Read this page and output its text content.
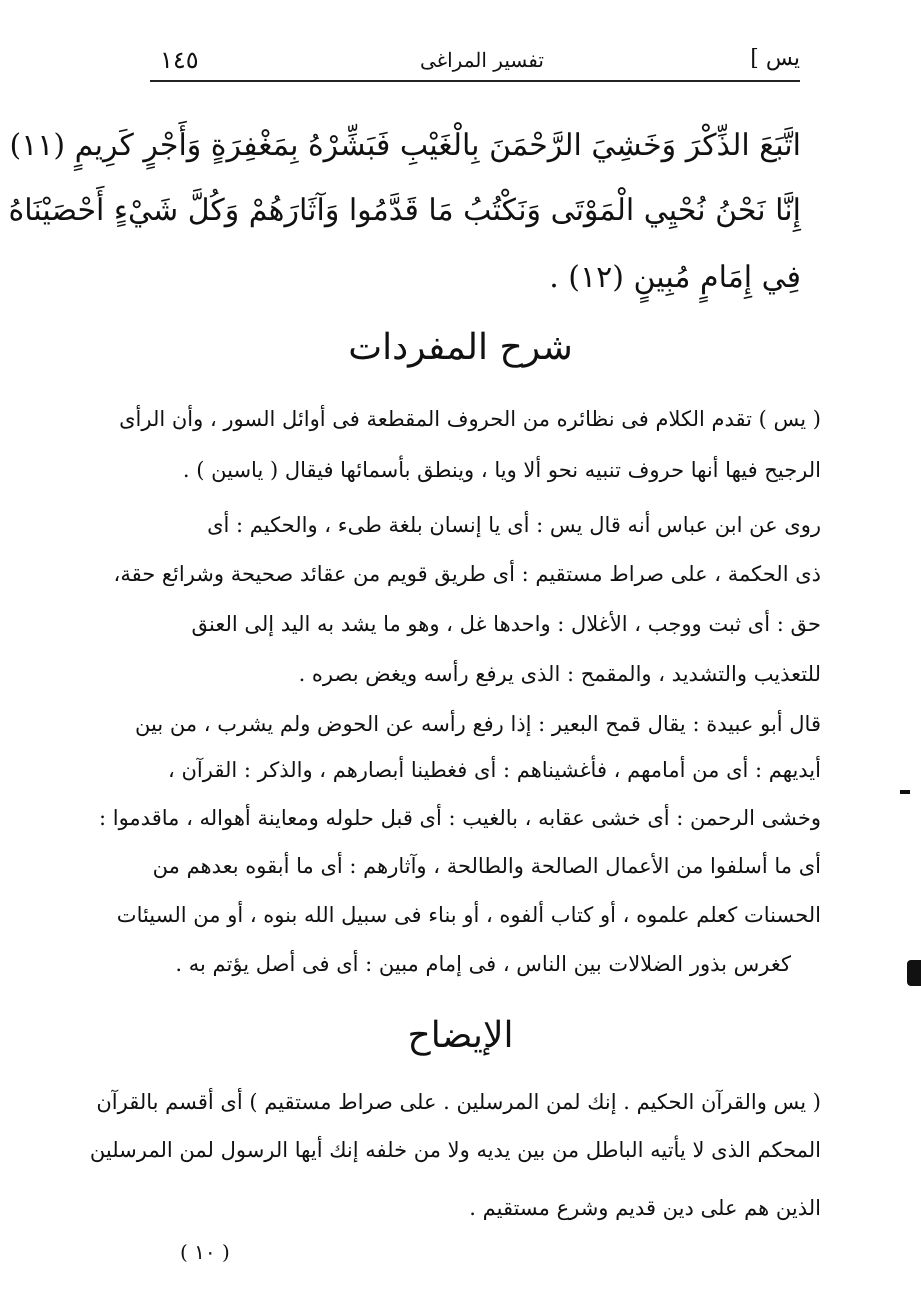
١٤٥	تفسير المراغى	يس ]
اتَّبَعَ الذِّكْرَ وَخَشِيَ الرَّحْمَنَ بِالْغَيْبِ فَبَشِّرْهُ بِمَغْفِرَةٍ وَأَجْرٍ كَرِيمٍ (١١)
إِنَّا نَحْنُ نُحْيِي الْمَوْتَى وَنَكْتُبُ مَا قَدَّمُوا وَآثَارَهُمْ وَكُلَّ شَيْءٍ أَحْصَيْنَاهُ
فِي إِمَامٍ مُبِينٍ (١٢) .
شرح المفردات
( يس ) تقدم الكلام فى نظائره من الحروف المقطعة فى أوائل السور ، وأن الرأى
الرجيح فيها أنها حروف تنبيه نحو ألا ويا ، وينطق بأسمائها فيقال ( ياسين ) .
روى عن ابن عباس أنه قال يس : أى يا إنسان بلغة طىء ، والحكيم : أى
ذى الحكمة ، على صراط مستقيم : أى طريق قويم من عقائد صحيحة وشرائع حقة،
حق : أى ثبت ووجب ، الأغلال : واحدها غل ، وهو ما يشد به اليد إلى العنق
للتعذيب والتشديد ، والمقمح : الذى يرفع رأسه ويغض بصره .
قال أبو عبيدة : يقال قمح البعير : إذا رفع رأسه عن الحوض ولم يشرب ، من بين
أيديهم : أى من أمامهم ، فأغشيناهم : أى فغطينا أبصارهم ، والذكر : القرآن ،
وخشى الرحمن : أى خشى عقابه ، بالغيب : أى قبل حلوله ومعاينة أهواله ، ماقدموا :
أى ما أسلفوا من الأعمال الصالحة والطالحة ، وآثارهم : أى ما أبقوه بعدهم من
الحسنات كعلم علموه ، أو كتاب ألفوه ، أو بناء فى سبيل الله بنوه ، أو من السيئات
كغرس بذور الضلالات بين الناس ، فى إمام مبين : أى فى أصل يؤتم به .
الإيضاح
( يس والقرآن الحكيم . إنك لمن المرسلين . على صراط مستقيم ) أى أقسم بالقرآن
المحكم الذى لا يأتيه الباطل من بين يديه ولا من خلفه إنك أيها الرسول لمن المرسلين
الذين هم على دين قديم وشرع مستقيم .
( ١٠ )
